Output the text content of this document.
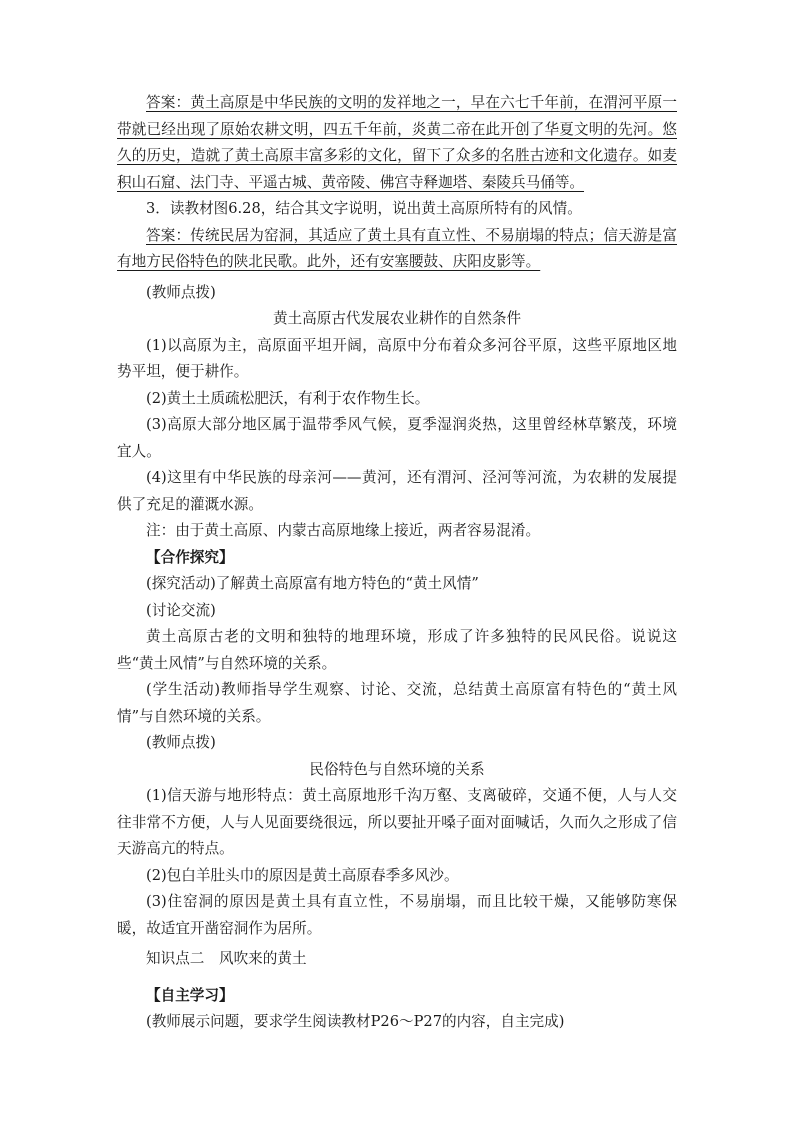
答案：黄土高原是中华民族的文明的发祥地之一，早在六七千年前，在渭河平原一带就已经出现了原始农耕文明，四五千年前，炎黄二帝在此开创了华夏文明的先河。悠久的历史，造就了黄土高原丰富多彩的文化，留下了众多的名胜古迹和文化遗存。如麦积山石窟、法门寺、平遥古城、黄帝陵、佛宫寺释迦塔、秦陵兵马俑等。

3．读教材图6.28，结合其文字说明，说出黄土高原所特有的风情。

答案：传统民居为窑洞，其适应了黄土具有直立性、不易崩塌的特点；信天游是富有地方民俗特色的陕北民歌。此外，还有安塞腰鼓、庆阳皮影等。

(教师点拨)

黄土高原古代发展农业耕作的自然条件

(1)以高原为主，高原面平坦开阔，高原中分布着众多河谷平原，这些平原地区地势平坦，便于耕作。

(2)黄土土质疏松肥沃，有利于农作物生长。

(3)高原大部分地区属于温带季风气候，夏季湿润炎热，这里曾经林草繁茂，环境宜人。

(4)这里有中华民族的母亲河——黄河，还有渭河、泾河等河流，为农耕的发展提供了充足的灌溉水源。

注：由于黄土高原、内蒙古高原地缘上接近，两者容易混淆。

【合作探究】

(探究活动)了解黄土高原富有地方特色的“黄土风情”

(讨论交流)

黄土高原古老的文明和独特的地理环境，形成了许多独特的民风民俗。说说这些“黄土风情”与自然环境的关系。

(学生活动)教师指导学生观察、讨论、交流，总结黄土高原富有特色的“黄土风情”与自然环境的关系。

(教师点拨)

民俗特色与自然环境的关系

(1)信天游与地形特点：黄土高原地形千沟万壑、支离破碎，交通不便，人与人交往非常不方便，人与人见面要绕很远，所以要扯开嗓子面对面喊话，久而久之形成了信天游高亢的特点。

(2)包白羊肚头巾的原因是黄土高原春季多风沙。

(3)住窑洞的原因是黄土具有直立性，不易崩塌，而且比较干燥，又能够防寒保暖，故适宜开凿窑洞作为居所。

知识点二　风吹来的黄土

【自主学习】

(教师展示问题，要求学生阅读教材P26～P27的内容，自主完成)
